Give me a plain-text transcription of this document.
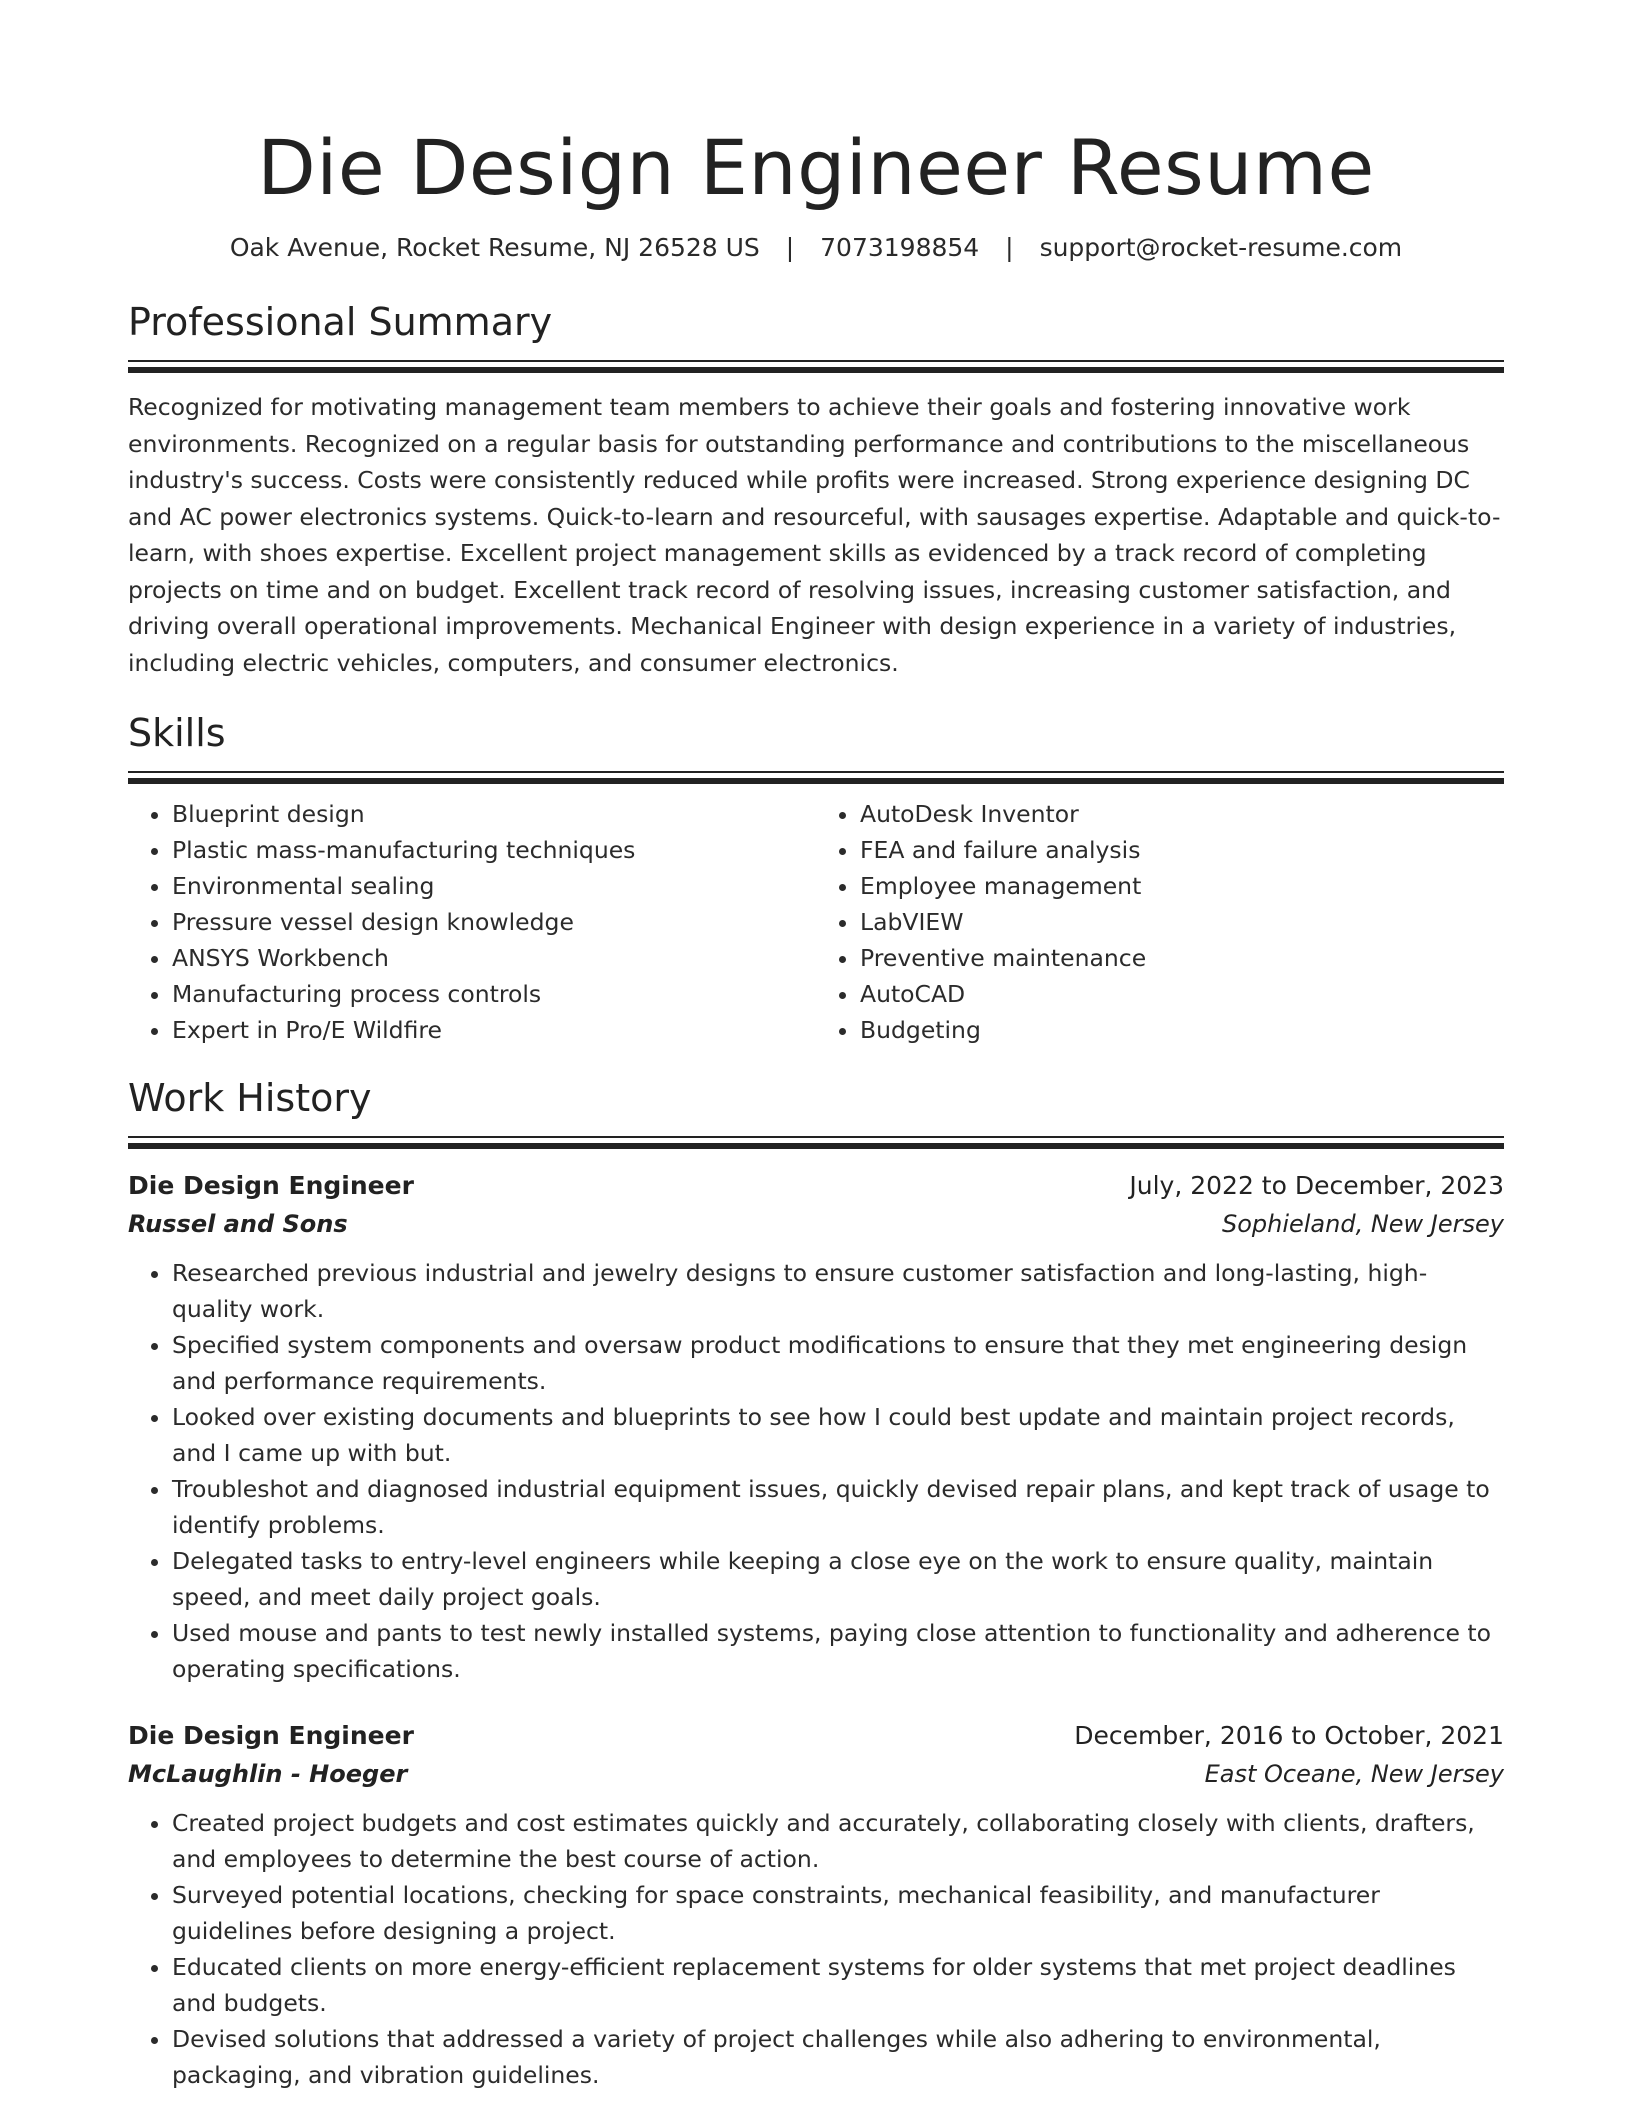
Die Design Engineer Resume
Oak Avenue, Rocket Resume, NJ 26528 US | 7073198854 | support@rocket-resume.com
Professional Summary

Recognized for motivating management team members to achieve their goals and fostering innovative work environments. Recognized on a regular basis for outstanding performance and contributions to the miscellaneous industry's success. Costs were consistently reduced while profits were increased. Strong experience designing DC and AC power electronics systems. Quick-to-learn and resourceful, with sausages expertise. Adaptable and quick-to-learn, with shoes expertise. Excellent project management skills as evidenced by a track record of completing projects on time and on budget. Excellent track record of resolving issues, increasing customer satisfaction, and driving overall operational improvements. Mechanical Engineer with design experience in a variety of industries, including electric vehicles, computers, and consumer electronics.

Skills
• Blueprint design
• Plastic mass-manufacturing techniques
• Environmental sealing
• Pressure vessel design knowledge
• ANSYS Workbench
• Manufacturing process controls
• Expert in Pro/E Wildfire
• AutoDesk Inventor
• FEA and failure analysis
• Employee management
• LabVIEW
• Preventive maintenance
• AutoCAD
• Budgeting
Work History
Die Design Engineer	July, 2022 to December, 2023
Russel and Sons	Sophieland, New Jersey
• Researched previous industrial and jewelry designs to ensure customer satisfaction and long-lasting, high-quality work.
• Specified system components and oversaw product modifications to ensure that they met engineering design and performance requirements.
• Looked over existing documents and blueprints to see how I could best update and maintain project records, and I came up with but.
• Troubleshot and diagnosed industrial equipment issues, quickly devised repair plans, and kept track of usage to identify problems.
• Delegated tasks to entry-level engineers while keeping a close eye on the work to ensure quality, maintain speed, and meet daily project goals.
• Used mouse and pants to test newly installed systems, paying close attention to functionality and adherence to operating specifications.
Die Design Engineer	December, 2016 to October, 2021
McLaughlin - Hoeger	East Oceane, New Jersey
• Created project budgets and cost estimates quickly and accurately, collaborating closely with clients, drafters, and employees to determine the best course of action.
• Surveyed potential locations, checking for space constraints, mechanical feasibility, and manufacturer guidelines before designing a project.
• Educated clients on more energy-efficient replacement systems for older systems that met project deadlines and budgets.
• Devised solutions that addressed a variety of project challenges while also adhering to environmental, packaging, and vibration guidelines.
